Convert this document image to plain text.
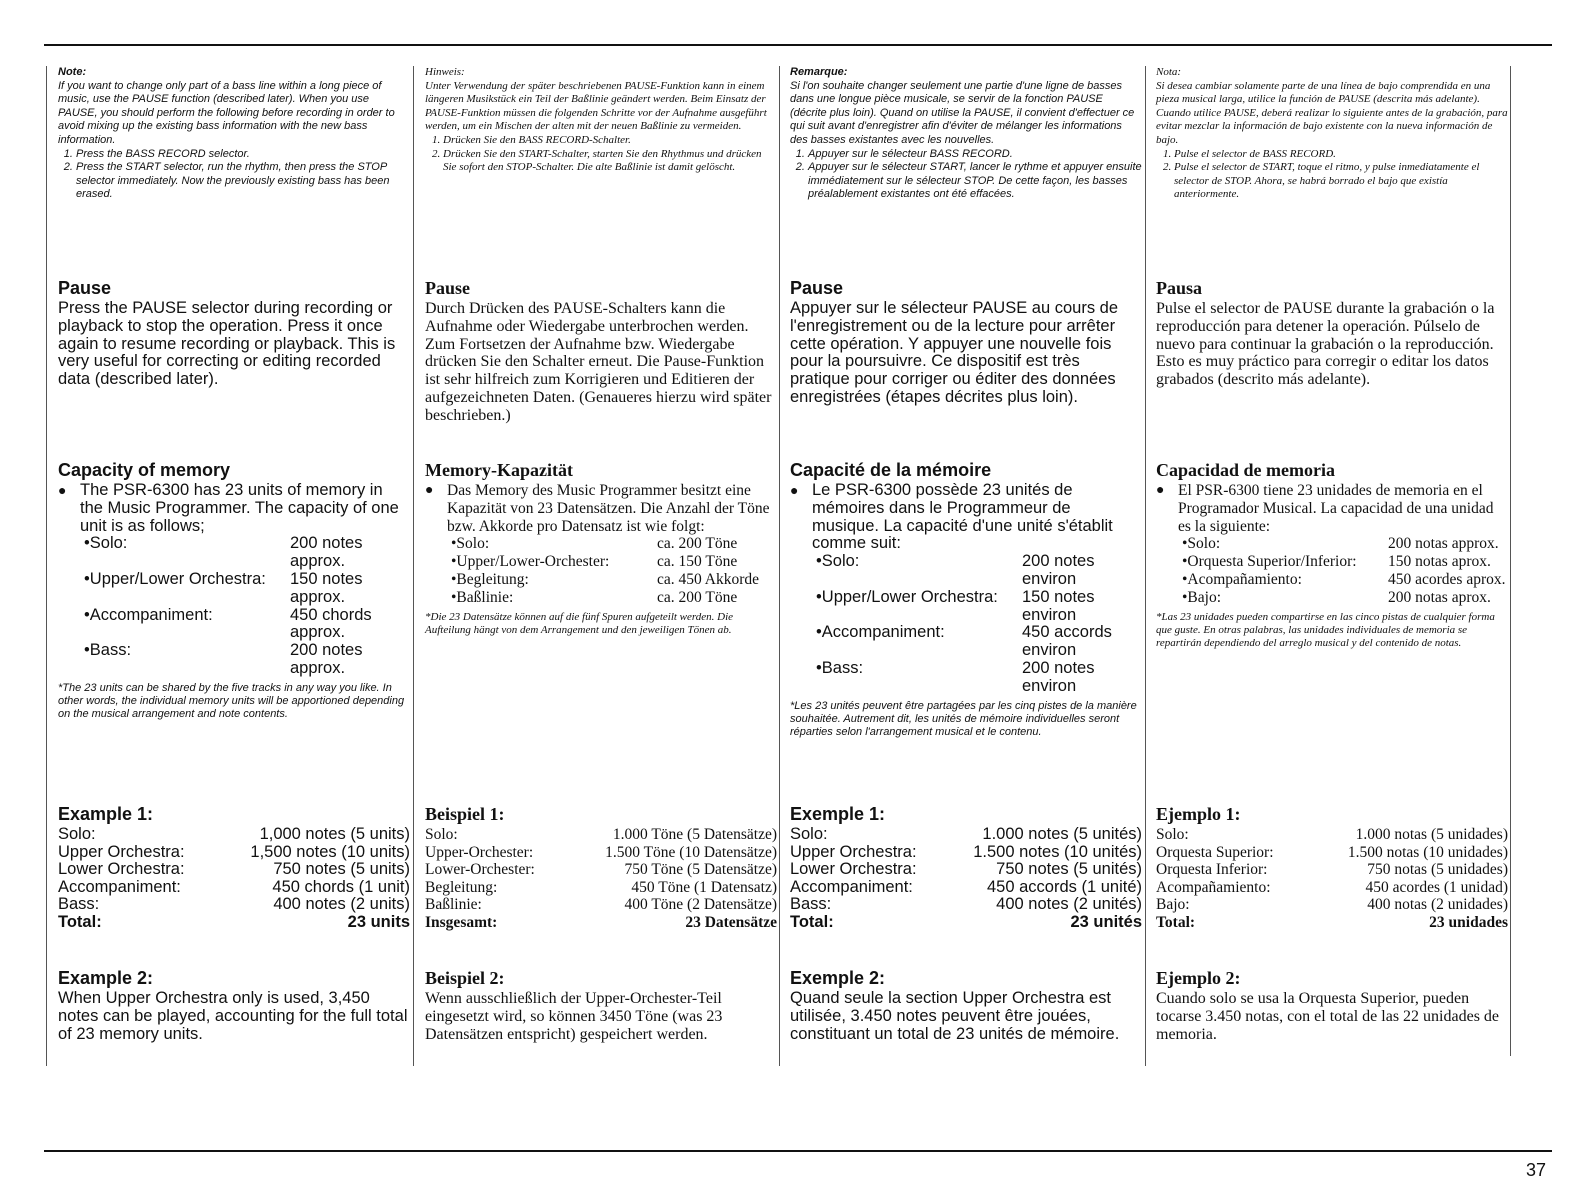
Note:
If you want to change only part of a bass line within a long piece of music, use the PAUSE function (described later). When you use PAUSE, you should perform the following before recording in order to avoid mixing up the existing bass information with the new bass information.
1. Press the BASS RECORD selector.
2. Press the START selector, run the rhythm, then press the STOP selector immediately. Now the previously existing bass has been erased.
Pause

Press the PAUSE selector during recording or playback to stop the operation. Press it once again to resume recording or playback. This is very useful for correcting or editing recorded data (described later).

Capacity of memory
● The PSR-6300 has 23 units of memory in the Music Programmer. The capacity of one unit is as follows;
•Solo:	200 notes approx.
•Upper/Lower Orchestra:	150 notes approx.
•Accompaniment:	450 chords approx.
•Bass:	200 notes approx.
*The 23 units can be shared by the five tracks in any way you like. In other words, the individual memory units will be apportioned depending on the musical arrangement and note contents.
Example 1:
Solo:	1,000 notes (5 units)
Upper Orchestra:	1,500 notes (10 units)
Lower Orchestra:	750 notes (5 units)
Accompaniment:	450 chords (1 unit)
Bass:	400 notes (2 units)
Total:	23 units
Example 2:

When Upper Orchestra only is used, 3,450 notes can be played, accounting for the full total of 23 memory units.

Hinweis:
Unter Verwendung der später beschriebenen PAUSE-Funktion kann in einem längeren Musikstück ein Teil der Baßlinie geändert werden. Beim Einsatz der PAUSE-Funktion müssen die folgenden Schritte vor der Aufnahme ausgeführt werden, um ein Mischen der alten mit der neuen Baßlinie zu vermeiden.
1. Drücken Sie den BASS RECORD-Schalter.
2. Drücken Sie den START-Schalter, starten Sie den Rhythmus und drücken Sie sofort den STOP-Schalter. Die alte Baßlinie ist damit gelöscht.
Pause

Durch Drücken des PAUSE-Schalters kann die Aufnahme oder Wiedergabe unterbrochen werden. Zum Fortsetzen der Aufnahme bzw. Wiedergabe drücken Sie den Schalter erneut. Die Pause-Funktion ist sehr hilfreich zum Korrigieren und Editieren der aufgezeichneten Daten. (Genaueres hierzu wird später beschrieben.)

Memory-Kapazität
● Das Memory des Music Programmer besitzt eine Kapazität von 23 Datensätzen. Die Anzahl der Töne bzw. Akkorde pro Datensatz ist wie folgt:
•Solo:	ca. 200 Töne
•Upper/Lower-Orchester:	ca. 150 Töne
•Begleitung:	ca. 450 Akkorde
•Baßlinie:	ca. 200 Töne
*Die 23 Datensätze können auf die fünf Spuren aufgeteilt werden. Die Aufteilung hängt von dem Arrangement und den jeweiligen Tönen ab.
Beispiel 1:
Solo:	1.000 Töne (5 Datensätze)
Upper-Orchester:	1.500 Töne (10 Datensätze)
Lower-Orchester:	750 Töne (5 Datensätze)
Begleitung:	450 Töne (1 Datensatz)
Baßlinie:	400 Töne (2 Datensätze)
Insgesamt:	23 Datensätze
Beispiel 2:

Wenn ausschließlich der Upper-Orchester-Teil eingesetzt wird, so können 3450 Töne (was 23 Datensätzen entspricht) gespeichert werden.

Remarque:
Si l'on souhaite changer seulement une partie d'une ligne de basses dans une longue pièce musicale, se servir de la fonction PAUSE (décrite plus loin). Quand on utilise la PAUSE, il convient d'effectuer ce qui suit avant d'enregistrer afin d'éviter de mélanger les informations des basses existantes avec les nouvelles.
1. Appuyer sur le sélecteur BASS RECORD.
2. Appuyer sur le sélecteur START, lancer le rythme et appuyer ensuite immédiatement sur le sélecteur STOP. De cette façon, les basses préalablement existantes ont été effacées.
Pause

Appuyer sur le sélecteur PAUSE au cours de l'enregistrement ou de la lecture pour arrêter cette opération. Y appuyer une nouvelle fois pour la poursuivre. Ce dispositif est très pratique pour corriger ou éditer des données enregistrées (étapes décrites plus loin).

Capacité de la mémoire
● Le PSR-6300 possède 23 unités de mémoires dans le Programmeur de musique. La capacité d'une unité s'établit comme suit:
•Solo:	200 notes environ
•Upper/Lower Orchestra:	150 notes environ
•Accompaniment:	450 accords environ
•Bass:	200 notes environ
*Les 23 unités peuvent être partagées par les cinq pistes de la manière souhaitée. Autrement dit, les unités de mémoire individuelles seront réparties selon l'arrangement musical et le contenu.
Exemple 1:
Solo:	1.000 notes (5 unités)
Upper Orchestra:	1.500 notes (10 unités)
Lower Orchestra:	750 notes (5 unités)
Accompaniment:	450 accords (1 unité)
Bass:	400 notes (2 unités)
Total:	23 unités
Exemple 2:

Quand seule la section Upper Orchestra est utilisée, 3.450 notes peuvent être jouées, constituant un total de 23 unités de mémoire.

Nota:
Si desea cambiar solamente parte de una línea de bajo comprendida en una pieza musical larga, utilice la función de PAUSE (descrita más adelante). Cuando utilice PAUSE, deberá realizar lo siguiente antes de la grabación, para evitar mezclar la información de bajo existente con la nueva información de bajo.
1. Pulse el selector de BASS RECORD.
2. Pulse el selector de START, toque el ritmo, y pulse inmediatamente el selector de STOP. Ahora, se habrá borrado el bajo que existía anteriormente.
Pausa

Pulse el selector de PAUSE durante la grabación o la reproducción para detener la operación. Púlselo de nuevo para continuar la grabación o la reproducción. Esto es muy práctico para corregir o editar los datos grabados (descrito más adelante).

Capacidad de memoria
● El PSR-6300 tiene 23 unidades de memoria en el Programador Musical. La capacidad de una unidad es la siguiente:
•Solo:	200 notas approx.
•Orquesta Superior/Inferior:	150 notas aprox.
•Acompañamiento:	450 acordes aprox.
•Bajo:	200 notas aprox.
*Las 23 unidades pueden compartirse en las cinco pistas de cualquier forma que guste. En otras palabras, las unidades individuales de memoria se repartirán dependiendo del arreglo musical y del contenido de notas.
Ejemplo 1:
Solo:	1.000 notas (5 unidades)
Orquesta Superior:	1.500 notas (10 unidades)
Orquesta Inferior:	750 notas (5 unidades)
Acompañamiento:	450 acordes (1 unidad)
Bajo:	400 notas (2 unidades)
Total:	23 unidades
Ejemplo 2:

Cuando solo se usa la Orquesta Superior, pueden tocarse 3.450 notas, con el total de las 22 unidades de memoria.

37
